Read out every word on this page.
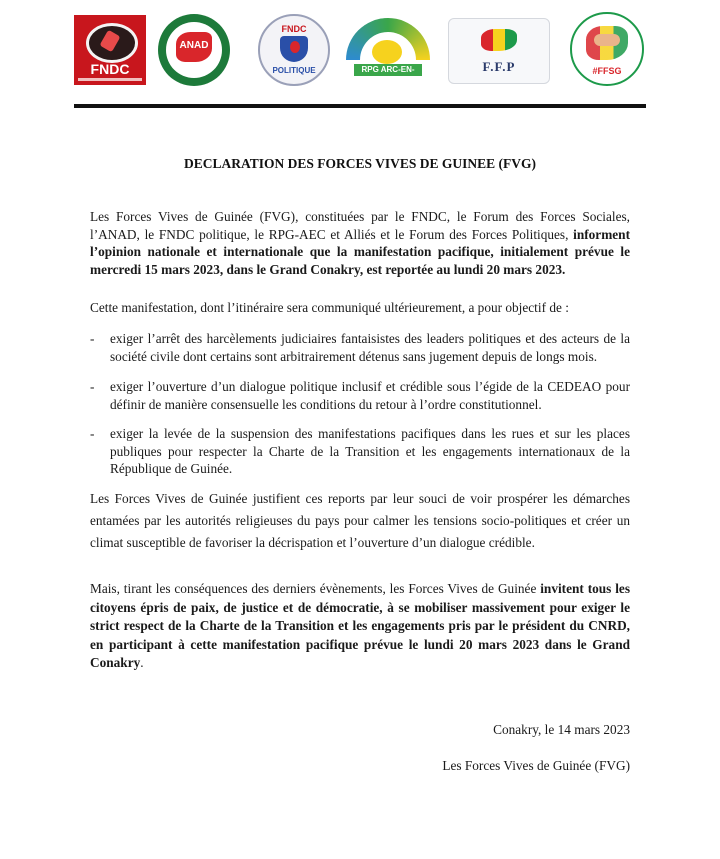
FNDC
ANAD
FNDC
POLITIQUE	RPG ARC-EN-CIEL
F.F.P	#FFSG
DECLARATION DES FORCES VIVES DE GUINEE (FVG)
Les Forces Vives de Guinée (FVG), constituées par le FNDC, le Forum des Forces Sociales, l’ANAD, le FNDC politique, le RPG-AEC et Alliés et le Forum des Forces Politiques, informent l’opinion nationale et internationale que la manifestation pacifique, initialement prévue le mercredi 15 mars 2023, dans le Grand Conakry, est reportée au lundi 20 mars 2023.
Cette manifestation, dont l’itinéraire sera communiqué ultérieurement, a pour objectif de :
- exiger l’arrêt des harcèlements judiciaires fantaisistes des leaders politiques et des acteurs de la société civile dont certains sont arbitrairement détenus sans jugement depuis de longs mois.
- exiger l’ouverture d’un dialogue politique inclusif et crédible sous l’égide de la CEDEAO pour définir de manière consensuelle les conditions du retour à l’ordre constitutionnel.
- exiger la levée de la suspension des manifestations pacifiques dans les rues et sur les places publiques pour respecter la Charte de la Transition et les engagements internationaux de la République de Guinée.
Les Forces Vives de Guinée justifient ces reports par leur souci de voir prospérer les démarches entamées par les autorités religieuses du pays pour calmer les tensions socio-politiques et créer un climat susceptible de favoriser la décrispation et l’ouverture d’un dialogue crédible.
Mais, tirant les conséquences des derniers évènements, les Forces Vives de Guinée invitent tous les citoyens épris de paix, de justice et de démocratie, à se mobiliser massivement pour exiger le strict respect de la Charte de la Transition et les engagements pris par le président du CNRD, en participant à cette manifestation pacifique prévue le lundi 20 mars 2023 dans le Grand Conakry.
Conakry, le 14 mars 2023
Les Forces Vives de Guinée (FVG)
